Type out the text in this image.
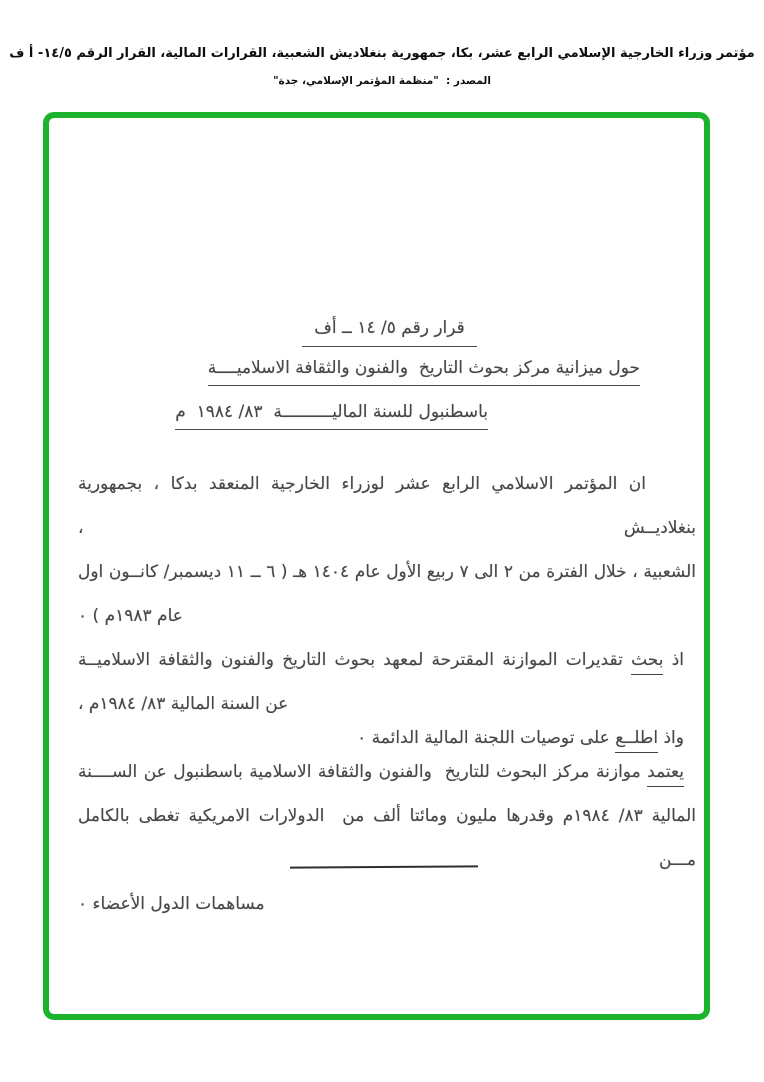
مؤتمر وزراء الخارجية الإسلامي الرابع عشر، بكا، جمهورية بنغلاديش الشعبية، القرارات المالية، القرار الرقم ٥‏/‏١٤- أ ف
المصدر :  "منظمة المؤتمر الإسلامي، جدة"
قرار رقم ٥/ ١٤ ــ أف
حول ميزانية مركز بحوث التاريخ  والفنون والثقافة الاسلاميــــة
باسطنبول للسنة الماليــــــــــة  ٨٣/ ١٩٨٤  م
ان المؤتمر الاسلامي الرابع عشر لوزراء الخارجية المنعقد بدكا ، بجمهورية بنغلاديــش ،
الشعبية ، خلال الفترة من ٢ الى ٧ ربيع الأول عام ١٤٠٤ هـ ( ٦ ــ ١١ ديسمبر/ كانــون اول
عام ١٩٨٣م ) ٠
اذ بحث تقديرات الموازنة المقترحة لمعهد بحوث التاريخ والفنون والثقافة الاسلاميــة
عن السنة المالية ٨٣/ ١٩٨٤م ،
واذ اطلــع على توصيات اللجنة المالية الدائمة ٠
يعتمد موازنة مركز البحوث للتاريخ  والفنون والثقافة الاسلامية باسطنبول عن الســــنة
المالية ٨٣/ ١٩٨٤م وقدرها مليون ومائتا ألف من  الدولارات الامريكية تغطى بالكامل مـــن
مساهمات الدول الأعضاء ٠
